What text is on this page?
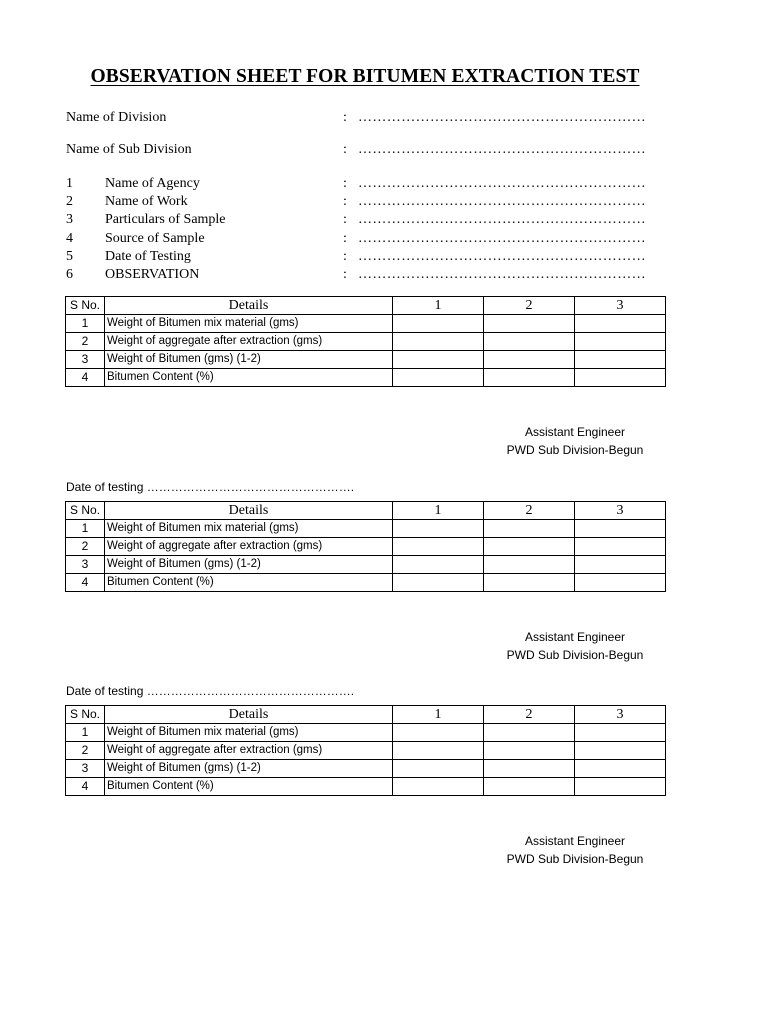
OBSERVATION SHEET FOR BITUMEN EXTRACTION TEST
Name of Division	: ……………………………………………………
Name of Sub Division	: ……………………………………………………
1 Name of Agency	: ……………………………………………………
2 Name of Work	: ……………………………………………………
3 Particulars of Sample	: ……………………………………………………
4 Source of Sample	: ……………………………………………………
5 Date of Testing	: ……………………………………………………
6 OBSERVATION	: ……………………………………………………
S No.	Details	1	2	3
1	Weight of Bitumen mix material (gms)			
2	Weight of aggregate after extraction (gms)			
3	Weight of Bitumen (gms) (1-2)			
4	Bitumen Content (%)			
Assistant Engineer
PWD Sub Division-Begun
Date of testing …………………………………………….
S No.	Details	1	2	3
1	Weight of Bitumen mix material (gms)			
2	Weight of aggregate after extraction (gms)			
3	Weight of Bitumen (gms) (1-2)			
4	Bitumen Content (%)			
Assistant Engineer
PWD Sub Division-Begun
Date of testing …………………………………………….
S No.	Details	1	2	3
1	Weight of Bitumen mix material (gms)			
2	Weight of aggregate after extraction (gms)			
3	Weight of Bitumen (gms) (1-2)			
4	Bitumen Content (%)			
Assistant Engineer
PWD Sub Division-Begun
